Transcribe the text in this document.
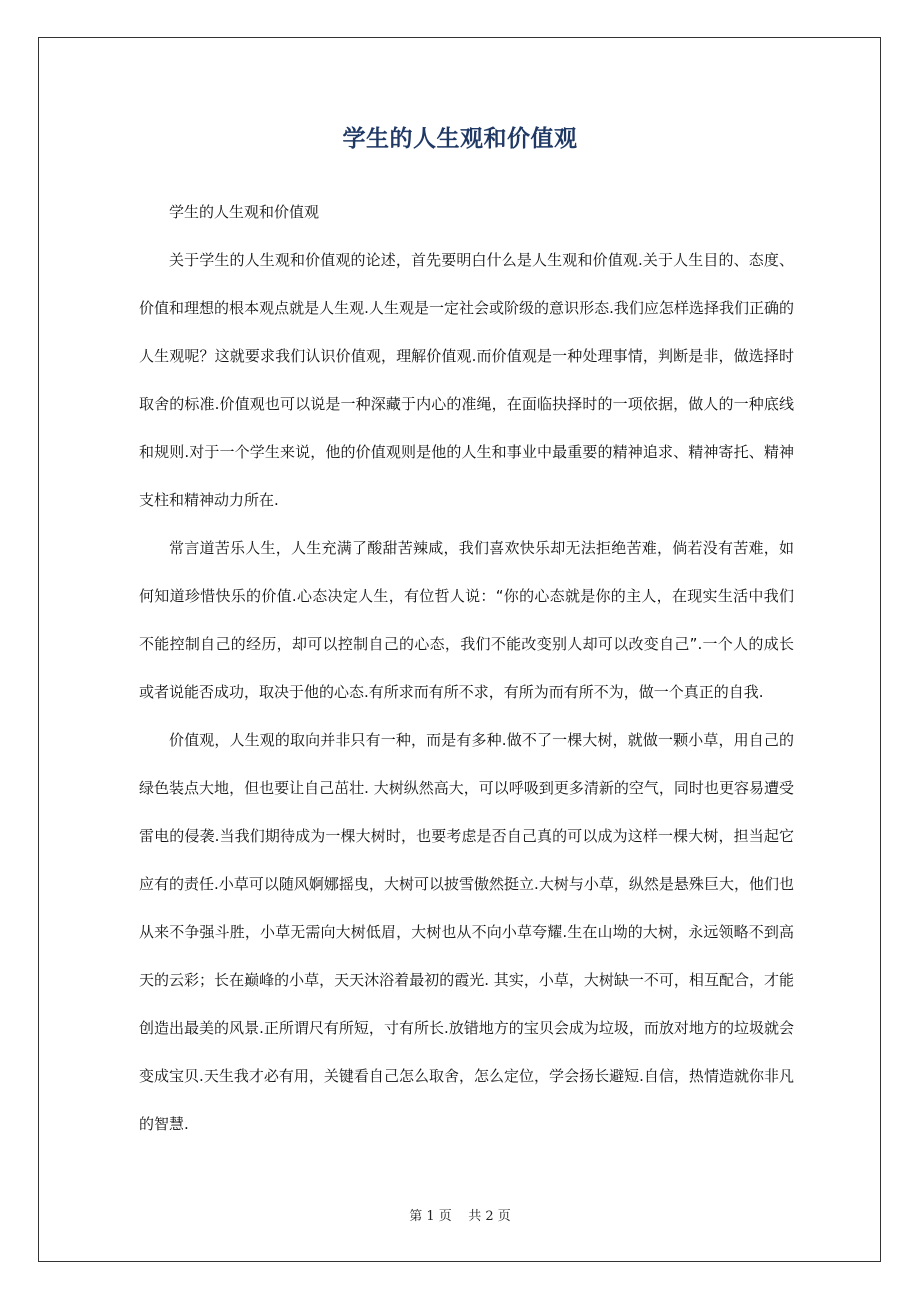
学生的人生观和价值观

学生的人生观和价值观

关于学生的人生观和价值观的论述，首先要明白什么是人生观和价值观.关于人生目的、态度、价值和理想的根本观点就是人生观.人生观是一定社会或阶级的意识形态.我们应怎样选择我们正确的人生观呢？这就要求我们认识价值观，理解价值观.而价值观是一种处理事情，判断是非，做选择时取舍的标准.价值观也可以说是一种深藏于内心的准绳，在面临抉择时的一项依据，做人的一种底线和规则.对于一个学生来说，他的价值观则是他的人生和事业中最重要的精神追求、精神寄托、精神支柱和精神动力所在.

常言道苦乐人生，人生充满了酸甜苦辣咸，我们喜欢快乐却无法拒绝苦难，倘若没有苦难，如何知道珍惜快乐的价值.心态决定人生，有位哲人说：“你的心态就是你的主人，在现实生活中我们不能控制自己的经历，却可以控制自己的心态，我们不能改变别人却可以改变自己”.一个人的成长或者说能否成功，取决于他的心态.有所求而有所不求，有所为而有所不为，做一个真正的自我.

价值观，人生观的取向并非只有一种，而是有多种.做不了一棵大树，就做一颗小草，用自己的绿色装点大地，但也要让自己茁壮. 大树纵然高大，可以呼吸到更多清新的空气，同时也更容易遭受雷电的侵袭.当我们期待成为一棵大树时，也要考虑是否自己真的可以成为这样一棵大树，担当起它应有的责任.小草可以随风婀娜摇曳，大树可以披雪傲然挺立.大树与小草，纵然是悬殊巨大，他们也从来不争强斗胜，小草无需向大树低眉，大树也从不向小草夸耀.生在山坳的大树，永远领略不到高天的云彩；长在巅峰的小草，天天沐浴着最初的霞光. 其实，小草，大树缺一不可，相互配合，才能创造出最美的风景.正所谓尺有所短，寸有所长.放错地方的宝贝会成为垃圾，而放对地方的垃圾就会变成宝贝.天生我才必有用，关键看自己怎么取舍，怎么定位，学会扬长避短.自信，热情造就你非凡的智慧.

第 1 页    共 2 页
